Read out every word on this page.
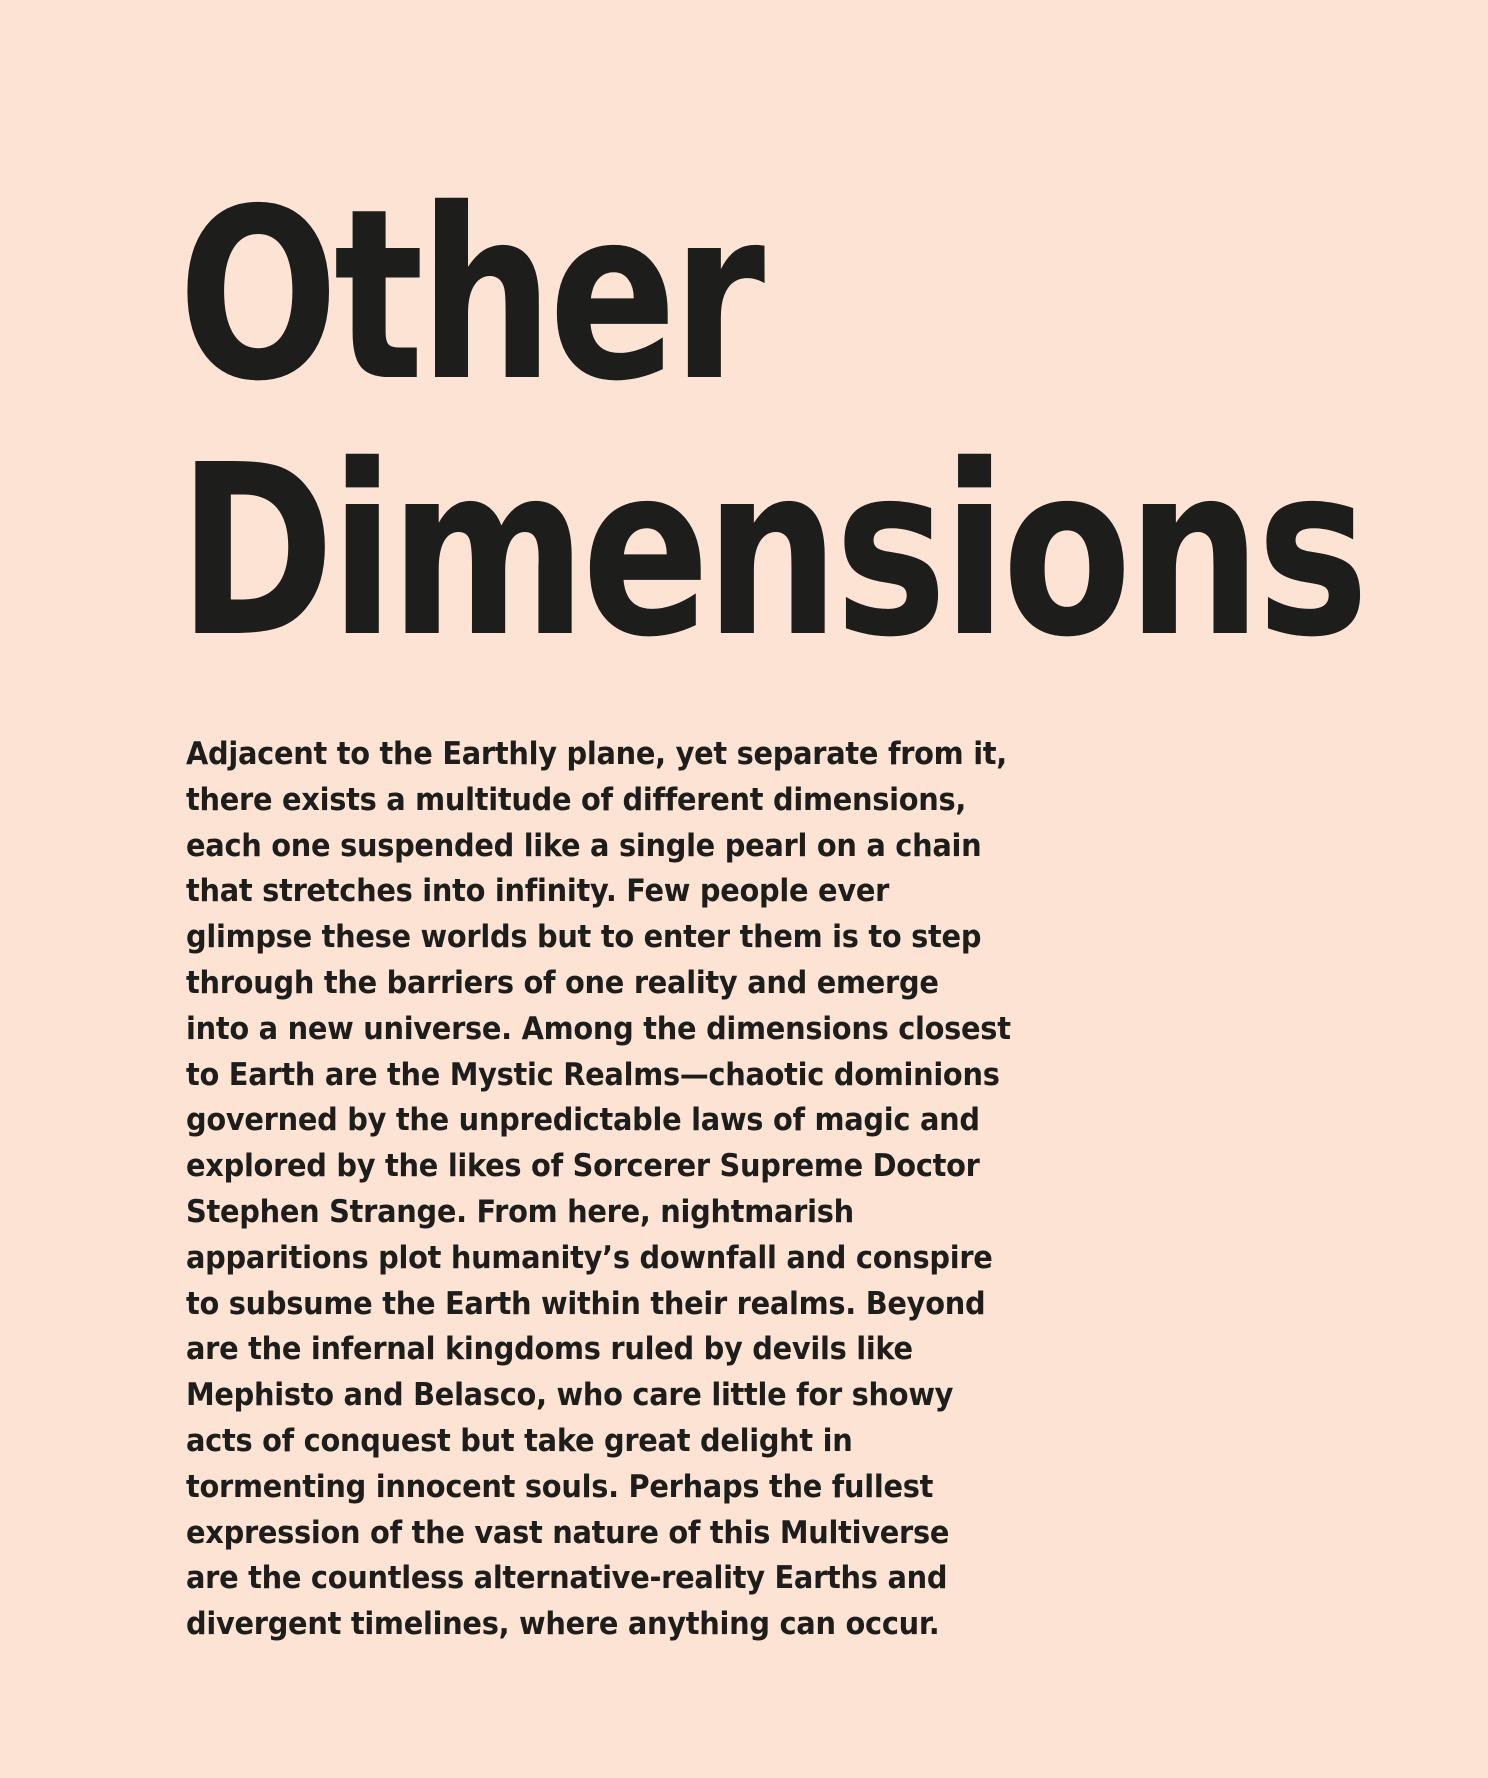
Other
Dimensions
Adjacent to the Earthly plane, yet separate from it,
there exists a multitude of different dimensions,
each one suspended like a single pearl on a chain
that stretches into infinity. Few people ever
glimpse these worlds but to enter them is to step
through the barriers of one reality and emerge
into a new universe. Among the dimensions closest
to Earth are the Mystic Realms—chaotic dominions
governed by the unpredictable laws of magic and
explored by the likes of Sorcerer Supreme Doctor
Stephen Strange. From here, nightmarish
apparitions plot humanity’s downfall and conspire
to subsume the Earth within their realms. Beyond
are the infernal kingdoms ruled by devils like
Mephisto and Belasco, who care little for showy
acts of conquest but take great delight in
tormenting innocent souls. Perhaps the fullest
expression of the vast nature of this Multiverse
are the countless alternative-reality Earths and
divergent timelines, where anything can occur.
